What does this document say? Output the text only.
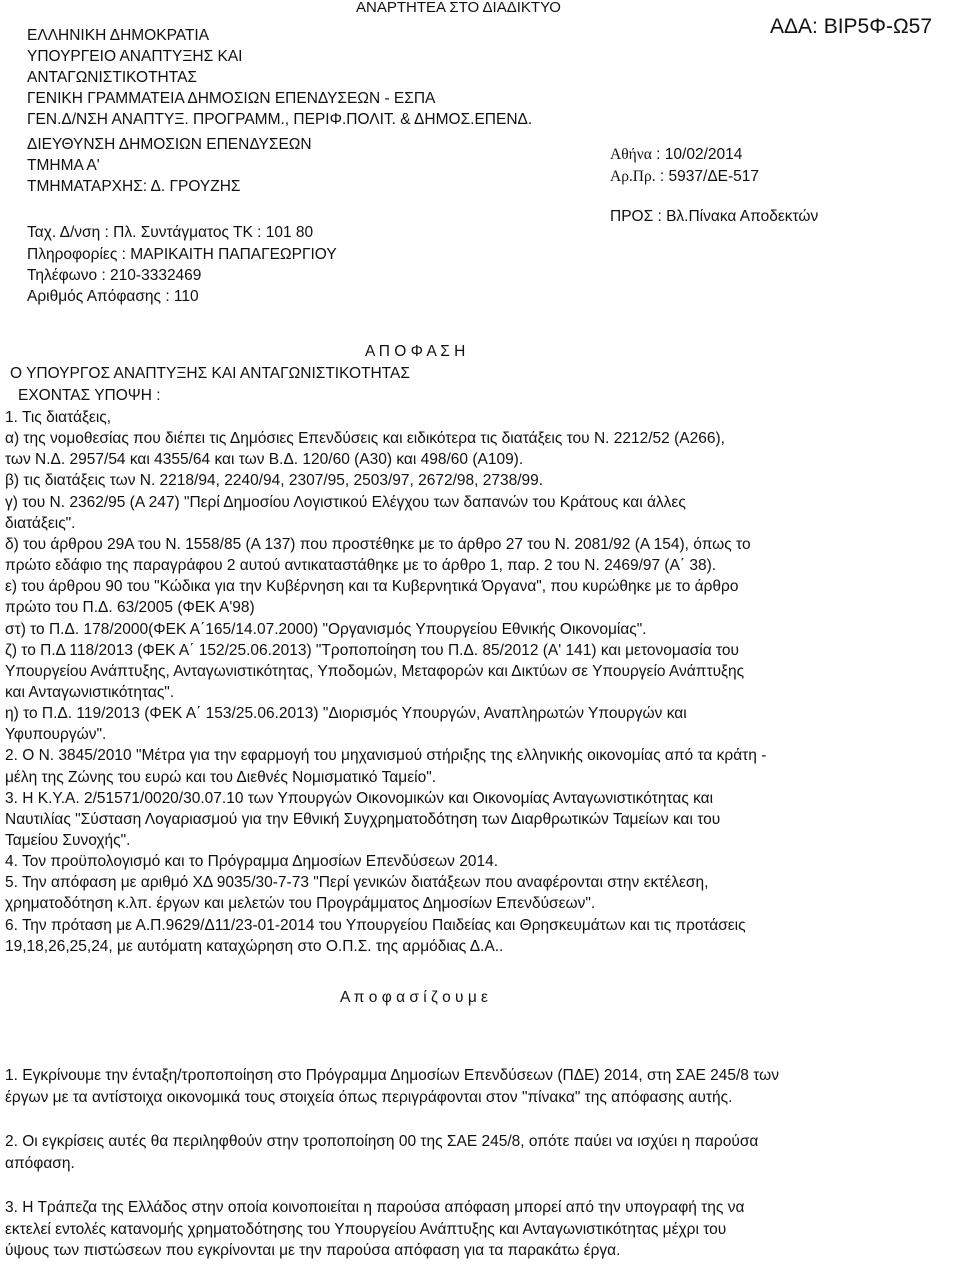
ΑΝΑΡΤΗΤΕΑ ΣΤΟ ΔΙΑΔΙΚΤΥΟ
ΑΔΑ: ΒΙΡ5Φ-Ω57
ΕΛΛΗΝΙΚΗ ΔΗΜΟΚΡΑΤΙΑ
ΥΠΟΥΡΓΕΙΟ ΑΝΑΠΤΥΞΗΣ ΚΑΙ
ΑΝΤΑΓΩΝΙΣΤΙΚΟΤΗΤΑΣ
ΓΕΝΙΚΗ ΓΡΑΜΜΑΤΕΙΑ ΔΗΜΟΣΙΩΝ ΕΠΕΝΔΥΣΕΩΝ - ΕΣΠΑ
ΓΕΝ.Δ/ΝΣΗ ΑΝΑΠΤΥΞ. ΠΡΟΓΡΑΜΜ., ΠΕΡΙΦ.ΠΟΛΙΤ. & ΔΗΜΟΣ.ΕΠΕΝΔ.
ΔΙΕΥΘΥΝΣΗ ΔΗΜΟΣΙΩΝ ΕΠΕΝΔΥΣΕΩΝ
ΤΜΗΜΑ Α'
ΤΜΗΜΑΤΑΡΧΗΣ: Δ. ΓΡΟΥΖΗΣ
Ταχ. Δ/νση : Πλ. Συντάγματος ΤΚ : 101 80
Πληροφορίες : ΜΑΡΙΚΑΙΤΗ ΠΑΠΑΓΕΩΡΓΙΟΥ
Τηλέφωνο : 210-3332469
Αριθμός Απόφασης : 110
Αθήνα : 10/02/2014
Αρ.Πρ. : 5937/ΔΕ-517
ΠΡΟΣ : Βλ.Πίνακα Αποδεκτών
Α Π Ο Φ Α Σ Η
Ο ΥΠΟΥΡΓΟΣ ΑΝΑΠΤΥΞΗΣ ΚΑΙ ΑΝΤΑΓΩΝΙΣΤΙΚΟΤΗΤΑΣ
ΕΧΟΝΤΑΣ ΥΠΟΨΗ :
1. Τις διατάξεις,
α) της νομοθεσίας που διέπει τις Δημόσιες Επενδύσεις και ειδικότερα τις διατάξεις του Ν. 2212/52 (Α266),
των Ν.Δ. 2957/54 και 4355/64 και των Β.Δ. 120/60 (Α30) και 498/60 (Α109).
β) τις διατάξεις των Ν. 2218/94, 2240/94, 2307/95, 2503/97, 2672/98, 2738/99.
γ) του Ν. 2362/95 (Α 247) "Περί Δημοσίου Λογιστικού Ελέγχου των δαπανών του Κράτους και άλλες
διατάξεις".
δ) του άρθρου 29Α του Ν. 1558/85 (Α 137) που προστέθηκε με το άρθρο 27 του Ν. 2081/92 (Α 154), όπως το
πρώτο εδάφιο της παραγράφου 2 αυτού αντικαταστάθηκε με το άρθρο 1, παρ. 2 του Ν. 2469/97 (Α΄ 38).
ε) του άρθρου 90 του "Κώδικα για την Κυβέρνηση και τα Κυβερνητικά Όργανα", που κυρώθηκε με το άρθρο
πρώτο του Π.Δ. 63/2005 (ΦΕΚ Α'98)
στ) το Π.Δ. 178/2000(ΦΕΚ Α΄165/14.07.2000) "Οργανισμός Υπουργείου Εθνικής Οικονομίας".
ζ) το Π.Δ 118/2013 (ΦΕΚ Α΄ 152/25.06.2013) "Τροποποίηση του Π.Δ. 85/2012 (Α' 141) και μετονομασία του
Υπουργείου Ανάπτυξης, Ανταγωνιστικότητας, Υποδομών, Μεταφορών και Δικτύων σε Υπουργείο Ανάπτυξης
και Ανταγωνιστικότητας".
η) το Π.Δ. 119/2013 (ΦΕΚ Α΄ 153/25.06.2013) "Διορισμός Υπουργών, Αναπληρωτών Υπουργών και
Υφυπουργών".
2. Ο Ν. 3845/2010 "Μέτρα για την εφαρμογή του μηχανισμού στήριξης της ελληνικής οικονομίας από τα κράτη -
μέλη της Ζώνης του ευρώ και του Διεθνές Νομισματικό Ταμείο".
3. Η Κ.Υ.Α. 2/51571/0020/30.07.10 των Υπουργών Οικονομικών και Οικονομίας Ανταγωνιστικότητας και
Ναυτιλίας "Σύσταση Λογαριασμού για την Εθνική Συγχρηματοδότηση των Διαρθρωτικών Ταμείων και του
Ταμείου Συνοχής".
4. Τον προϋπολογισμό και το Πρόγραμμα Δημοσίων Επενδύσεων 2014.
5. Την απόφαση με αριθμό ΧΔ 9035/30-7-73 "Περί γενικών διατάξεων που αναφέρονται στην εκτέλεση,
χρηματοδότηση κ.λπ. έργων και μελετών του Προγράμματος Δημοσίων Επενδύσεων".
6. Την πρόταση με Α.Π.9629/Δ11/23-01-2014 του Υπουργείου Παιδείας και Θρησκευμάτων και τις προτάσεις
19,18,26,25,24, με αυτόματη καταχώρηση στο Ο.Π.Σ. της αρμόδιας Δ.Α..
Α π ο φ α σ ί ζ ο υ μ ε
1. Εγκρίνουμε την ένταξη/τροποποίηση στο Πρόγραμμα Δημοσίων Επενδύσεων (ΠΔΕ) 2014, στη ΣΑΕ 245/8 των
έργων με τα αντίστοιχα οικονομικά τους στοιχεία όπως περιγράφονται στον "πίνακα" της απόφασης αυτής.
2. Οι εγκρίσεις αυτές θα περιληφθούν στην τροποποίηση 00 της ΣΑΕ 245/8, οπότε παύει να ισχύει η παρούσα
απόφαση.
3. Η Τράπεζα της Ελλάδος στην οποία κοινοποιείται η παρούσα απόφαση μπορεί από την υπογραφή της να
εκτελεί εντολές κατανομής χρηματοδότησης του Υπουργείου Ανάπτυξης και Ανταγωνιστικότητας μέχρι του
ύψους των πιστώσεων που εγκρίνονται με την παρούσα απόφαση για τα παρακάτω έργα.
